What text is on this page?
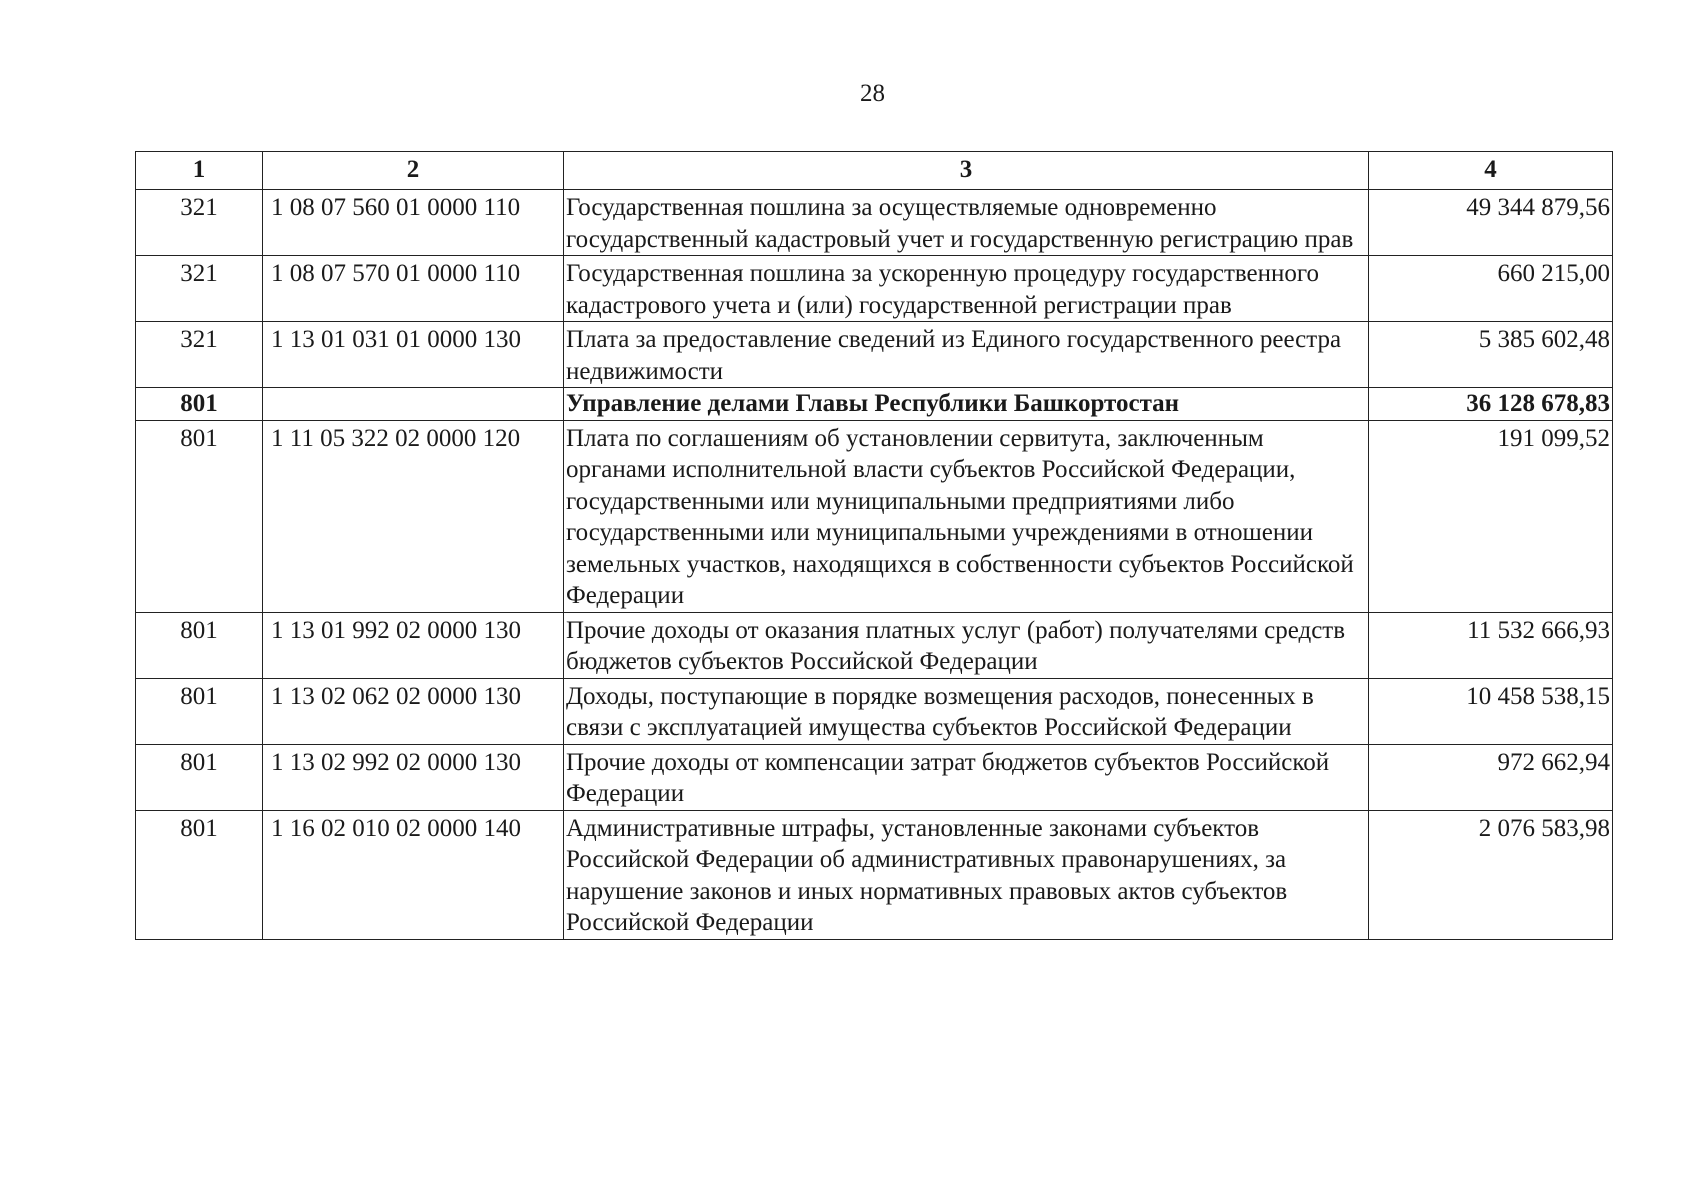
28
1	2	3	4
321	1 08 07 560 01 0000 110	Государственная пошлина за осуществляемые одновременно государственный кадастровый учет и государственную регистрацию прав	49 344 879,56
321	1 08 07 570 01 0000 110	Государственная пошлина за ускоренную процедуру государственного кадастрового учета и (или) государственной регистрации прав	660 215,00
321	1 13 01 031 01 0000 130	Плата за предоставление сведений из Единого государственного реестра недвижимости	5 385 602,48
801		Управление делами Главы Республики Башкортостан	36 128 678,83
801	1 11 05 322 02 0000 120	Плата по соглашениям об установлении сервитута, заключенным органами исполнительной власти субъектов Российской Федерации, государственными или муниципальными предприятиями либо государственными или муниципальными учреждениями в отношении земельных участков, находящихся в собственности субъектов Российской Федерации	191 099,52
801	1 13 01 992 02 0000 130	Прочие доходы от оказания платных услуг (работ) получателями средств бюджетов субъектов Российской Федерации	11 532 666,93
801	1 13 02 062 02 0000 130	Доходы, поступающие в порядке возмещения расходов, понесенных в связи с эксплуатацией имущества субъектов Российской Федерации	10 458 538,15
801	1 13 02 992 02 0000 130	Прочие доходы от компенсации затрат бюджетов субъектов Российской Федерации	972 662,94
801	1 16 02 010 02 0000 140	Административные штрафы, установленные законами субъектов Российской Федерации об административных правонарушениях, за нарушение законов и иных нормативных правовых актов субъектов Российской Федерации	2 076 583,98
